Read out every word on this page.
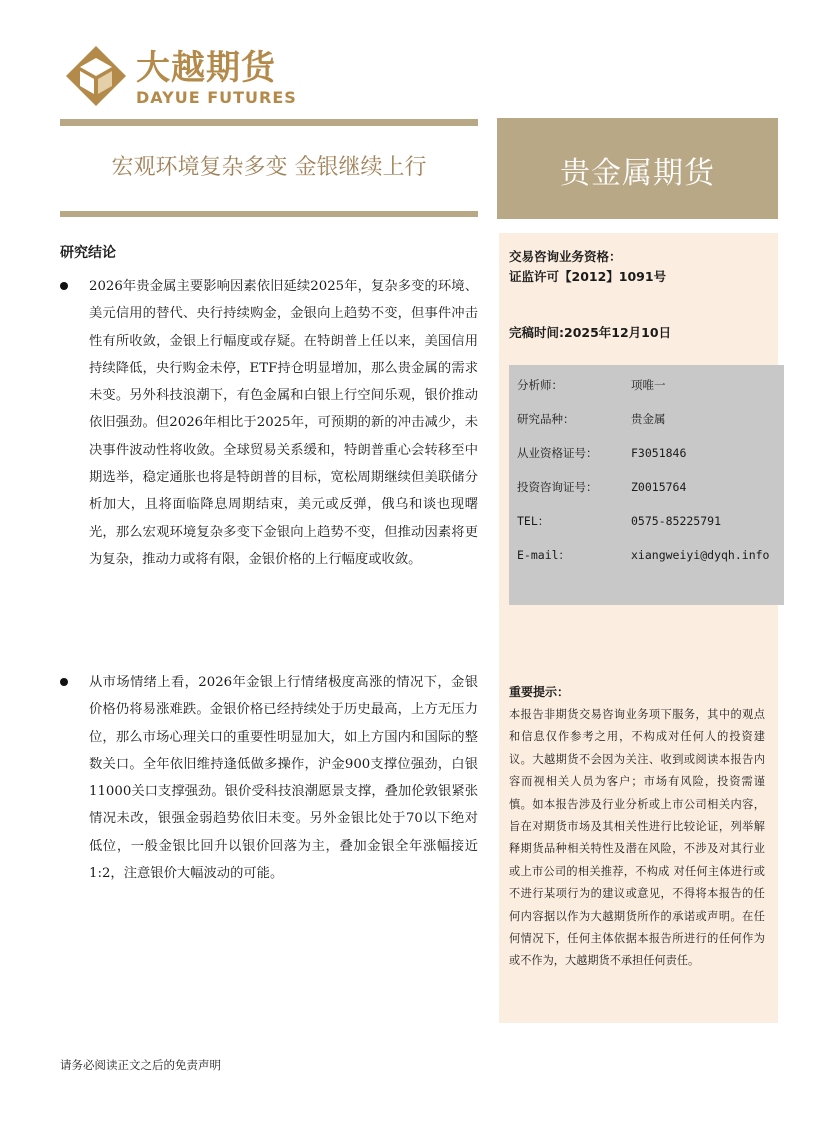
大越期货
DAYUE FUTURES
宏观环境复杂多变 金银继续上行	贵金属期货
研究结论
2026年贵金属主要影响因素依旧延续2025年，复杂多变的环境、美元信用的替代、央行持续购金，金银向上趋势不变，但事件冲击性有所收敛，金银上行幅度或存疑。在特朗普上任以来，美国信用持续降低，央行购金未停，ETF持仓明显增加，那么贵金属的需求未变。另外科技浪潮下，有色金属和白银上行空间乐观，银价推动依旧强劲。但2026年相比于2025年，可预期的新的冲击减少，未决事件波动性将收敛。全球贸易关系缓和，特朗普重心会转移至中期选举，稳定通胀也将是特朗普的目标，宽松周期继续但美联储分析加大，且将面临降息周期结束，美元或反弹，俄乌和谈也现曙光，那么宏观环境复杂多变下金银向上趋势不变，但推动因素将更为复杂，推动力或将有限，金银价格的上行幅度或收敛。
从市场情绪上看，2026年金银上行情绪极度高涨的情况下，金银价格仍将易涨难跌。金银价格已经持续处于历史最高，上方无压力位，那么市场心理关口的重要性明显加大，如上方国内和国际的整数关口。全年依旧维持逢低做多操作，沪金900支撑位强劲，白银11000关口支撑强劲。银价受科技浪潮愿景支撑，叠加伦敦银紧张情况未改，银强金弱趋势依旧未变。另外金银比处于70以下绝对低位，一般金银比回升以银价回落为主，叠加金银全年涨幅接近1:2，注意银价大幅波动的可能。
交易咨询业务资格：
证监许可【2012】1091号
完稿时间:2025年12月10日
分析师：	项唯一
研究品种：	贵金属
从业资格证号：	F3051846
投资咨询证号：	Z0015764
TEL：	0575-85225791
E-mail：	xiangweiyi@dyqh.info
重要提示：
本报告非期货交易咨询业务项下服务，其中的观点和信息仅作参考之用，不构成对任何人的投资建议。大越期货不会因为关注、收到或阅读本报告内容而视相关人员为客户；市场有风险，投资需谨慎。如本报告涉及行业分析或上市公司相关内容，旨在对期货市场及其相关性进行比较论证，列举解释期货品种相关特性及潜在风险，不涉及对其行业或上市公司的相关推荐，不构成 对任何主体进行或不进行某项行为的建议或意见，不得将本报告的任何内容据以作为大越期货所作的承诺或声明。在任何情况下，任何主体依据本报告所进行的任何作为或不作为，大越期货不承担任何责任。
请务必阅读正文之后的免责声明
